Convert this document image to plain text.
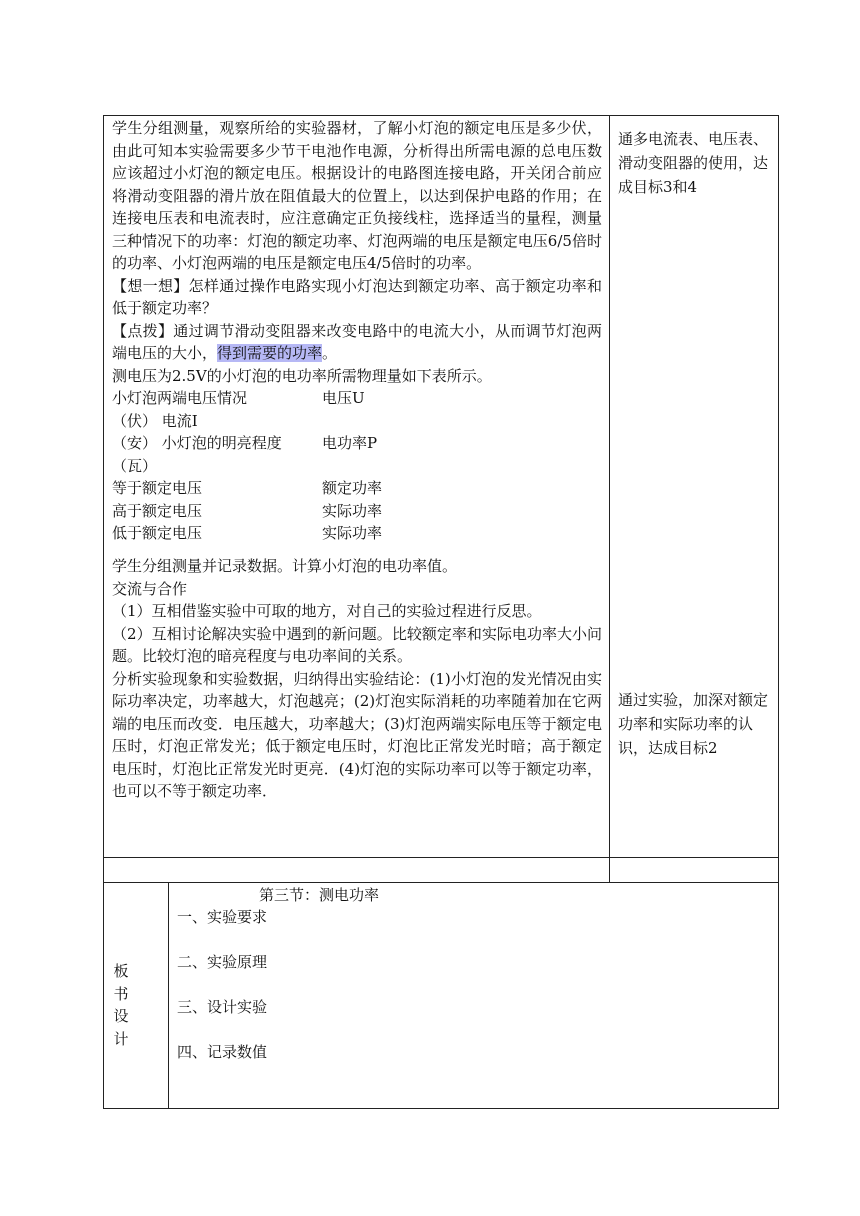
学生分组测量，观察所给的实验器材，了解小灯泡的额定电压是多少伏，由此可知本实验需要多少节干电池作电源，分析得出所需电源的总电压数应该超过小灯泡的额定电压。根据设计的电路图连接电路，开关闭合前应将滑动变阻器的滑片放在阻值最大的位置上，以达到保护电路的作用；在连接电压表和电流表时，应注意确定正负接线柱，选择适当的量程，测量三种情况下的功率：灯泡的额定功率、灯泡两端的电压是额定电压6/5倍时的功率、小灯泡两端的电压是额定电压4/5倍时的功率。

【想一想】怎样通过操作电路实现小灯泡达到额定功率、高于额定功率和低于额定功率？

【点拨】通过调节滑动变阻器来改变电路中的电流大小，从而调节灯泡两端电压的大小，得到需要的功率。

测电压为2.5V的小灯泡的电功率所需物理量如下表所示。

小灯泡两端电压情况	电压U
（伏） 电流I
（安） 小灯泡的明亮程度	电功率P
（瓦）
等于额定电压	额定功率
高于额定电压	实际功率
低于额定电压	实际功率

学生分组测量并记录数据。计算小灯泡的电功率值。

交流与合作

（1）互相借鉴实验中可取的地方，对自己的实验过程进行反思。

（2）互相讨论解决实验中遇到的新问题。比较额定率和实际电功率大小问题。比较灯泡的暗亮程度与电功率间的关系。

分析实验现象和实验数据，归纳得出实验结论：(1)小灯泡的发光情况由实际功率决定，功率越大，灯泡越亮；(2)灯泡实际消耗的功率随着加在它两端的电压而改变．电压越大，功率越大；(3)灯泡两端实际电压等于额定电压时，灯泡正常发光；低于额定电压时，灯泡比正常发光时暗；高于额定电压时，灯泡比正常发光时更亮．(4)灯泡的实际功率可以等于额定功率，也可以不等于额定功率．

通多电流表、电压表、滑动变阻器的使用，达成目标3和4
通过实验，加深对额定功率和实际功率的认识，达成目标2
板
书
设
计
第三节：测电功率
一、实验要求
二、实验原理
三、设计实验
四、记录数值
